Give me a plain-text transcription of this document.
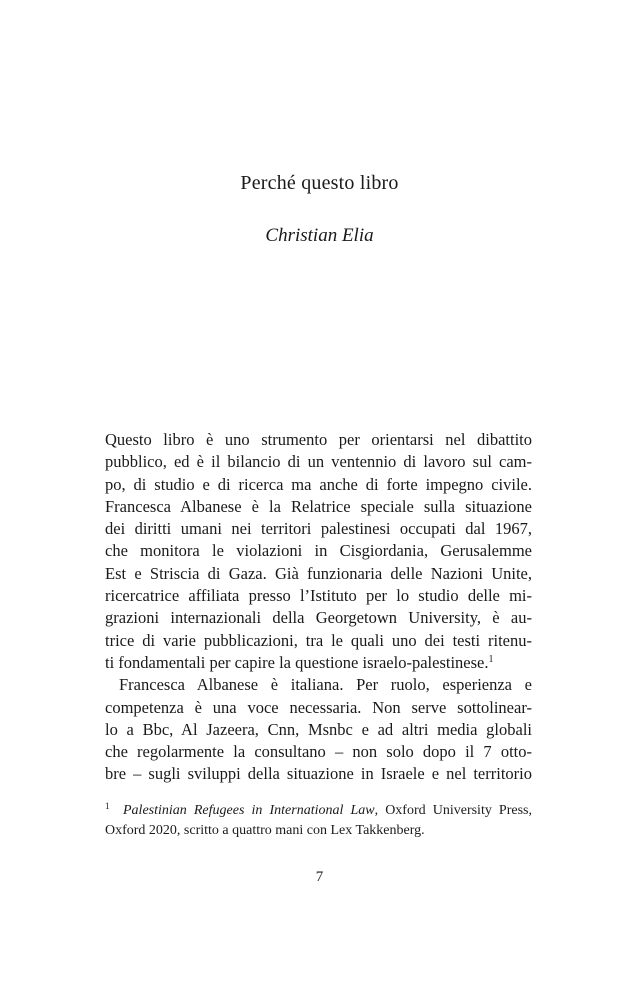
Perché questo libro
Christian Elia
Questo libro è uno strumento per orientarsi nel dibattito
pubblico, ed è il bilancio di un ventennio di lavoro sul cam-
po, di studio e di ricerca ma anche di forte impegno civile.
Francesca Albanese è la Relatrice speciale sulla situazione
dei diritti umani nei territori palestinesi occupati dal 1967,
che monitora le violazioni in Cisgiordania, Gerusalemme
Est e Striscia di Gaza. Già funzionaria delle Nazioni Unite,
ricercatrice affiliata presso l’Istituto per lo studio delle mi-
grazioni internazionali della Georgetown University, è au-
trice di varie pubblicazioni, tra le quali uno dei testi ritenu-
ti fondamentali per capire la questione israelo-palestinese.$^1$
Francesca Albanese è italiana. Per ruolo, esperienza e
competenza è una voce necessaria. Non serve sottolinear-
lo a Bbc, Al Jazeera, Cnn, Msnbc e ad altri media globali
che regolarmente la consultano – non solo dopo il 7 otto-
bre – sugli sviluppi della situazione in Israele e nel territorio
1 Palestinian Refugees in International Law, Oxford University Press,
Oxford 2020, scritto a quattro mani con Lex Takkenberg.
7
